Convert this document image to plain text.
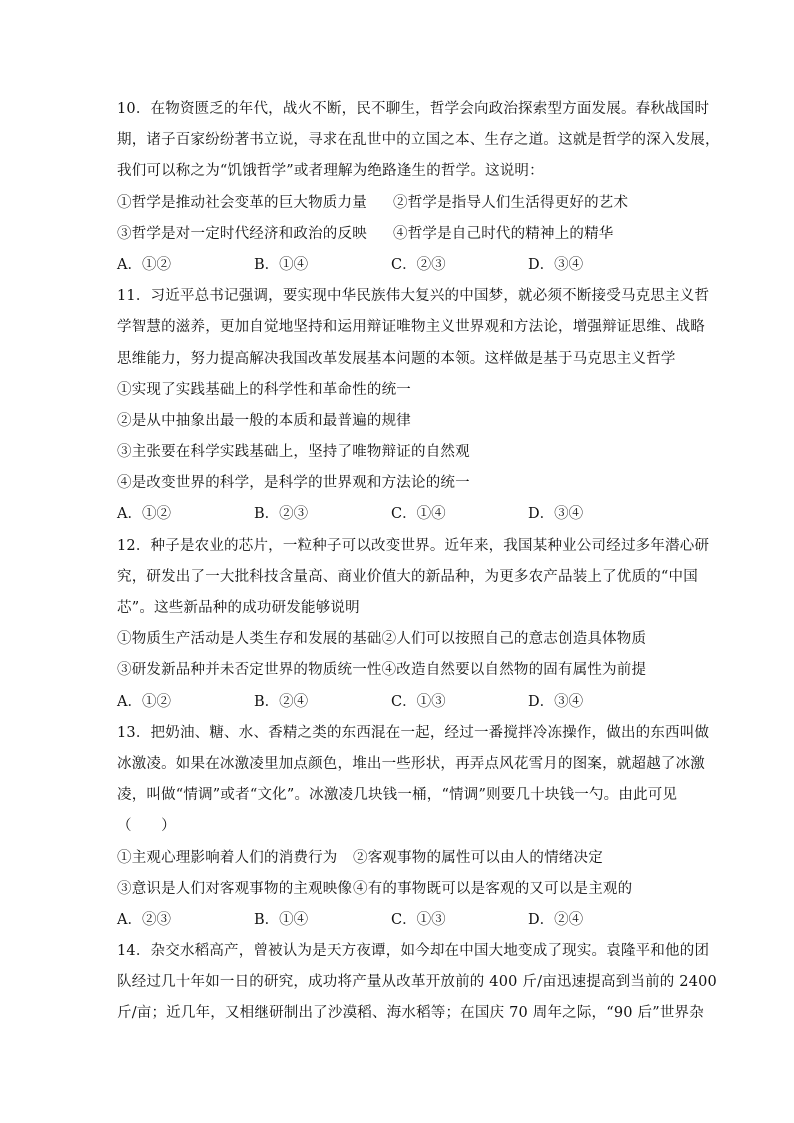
10．在物资匮乏的年代，战火不断，民不聊生，哲学会向政治探索型方面发展。春秋战国时
期，诸子百家纷纷著书立说，寻求在乱世中的立国之本、生存之道。这就是哲学的深入发展，
我们可以称之为“饥饿哲学”或者理解为绝路逢生的哲学。这说明：
①哲学是推动社会变革的巨大物质力量	②哲学是指导人们生活得更好的艺术
③哲学是对一定时代经济和政治的反映	④哲学是自己时代的精神上的精华
A．①②	B．①④	C．②③	D．③④
11．习近平总书记强调，要实现中华民族伟大复兴的中国梦，就必须不断接受马克思主义哲
学智慧的滋养，更加自觉地坚持和运用辩证唯物主义世界观和方法论，增强辩证思维、战略
思维能力，努力提高解决我国改革发展基本问题的本领。这样做是基于马克思主义哲学
①实现了实践基础上的科学性和革命性的统一
②是从中抽象出最一般的本质和最普遍的规律
③主张要在科学实践基础上，坚持了唯物辩证的自然观
④是改变世界的科学，是科学的世界观和方法论的统一
A．①②	B．②③	C．①④	D．③④
12．种子是农业的芯片，一粒种子可以改变世界。近年来，我国某种业公司经过多年潜心研
究，研发出了一大批科技含量高、商业价值大的新品种，为更多农产品装上了优质的“中国
芯”。这些新品种的成功研发能够说明
①物质生产活动是人类生存和发展的基础②人们可以按照自己的意志创造具体物质
③研发新品种并未否定世界的物质统一性④改造自然要以自然物的固有属性为前提
A．①②	B．②④	C．①③	D．③④
13．把奶油、糖、水、香精之类的东西混在一起，经过一番搅拌冷冻操作，做出的东西叫做
冰激凌。如果在冰激凌里加点颜色，堆出一些形状，再弄点风花雪月的图案，就超越了冰激
凌，叫做“情调”或者“文化”。冰激凌几块钱一桶，“情调”则要几十块钱一勺。由此可见
（　　）
①主观心理影响着人们的消费行为	②客观事物的属性可以由人的情绪决定
③意识是人们对客观事物的主观映像 ④有的事物既可以是客观的又可以是主观的
A．②③	B．①④	C．①③	D．②④
14．杂交水稻高产，曾被认为是天方夜谭，如今却在中国大地变成了现实。袁隆平和他的团
队经过几十年如一日的研究，成功将产量从改革开放前的 400 斤/亩迅速提高到当前的 2400
斤/亩；近几年，又相继研制出了沙漠稻、海水稻等；在国庆 70 周年之际，“90 后”世界杂
